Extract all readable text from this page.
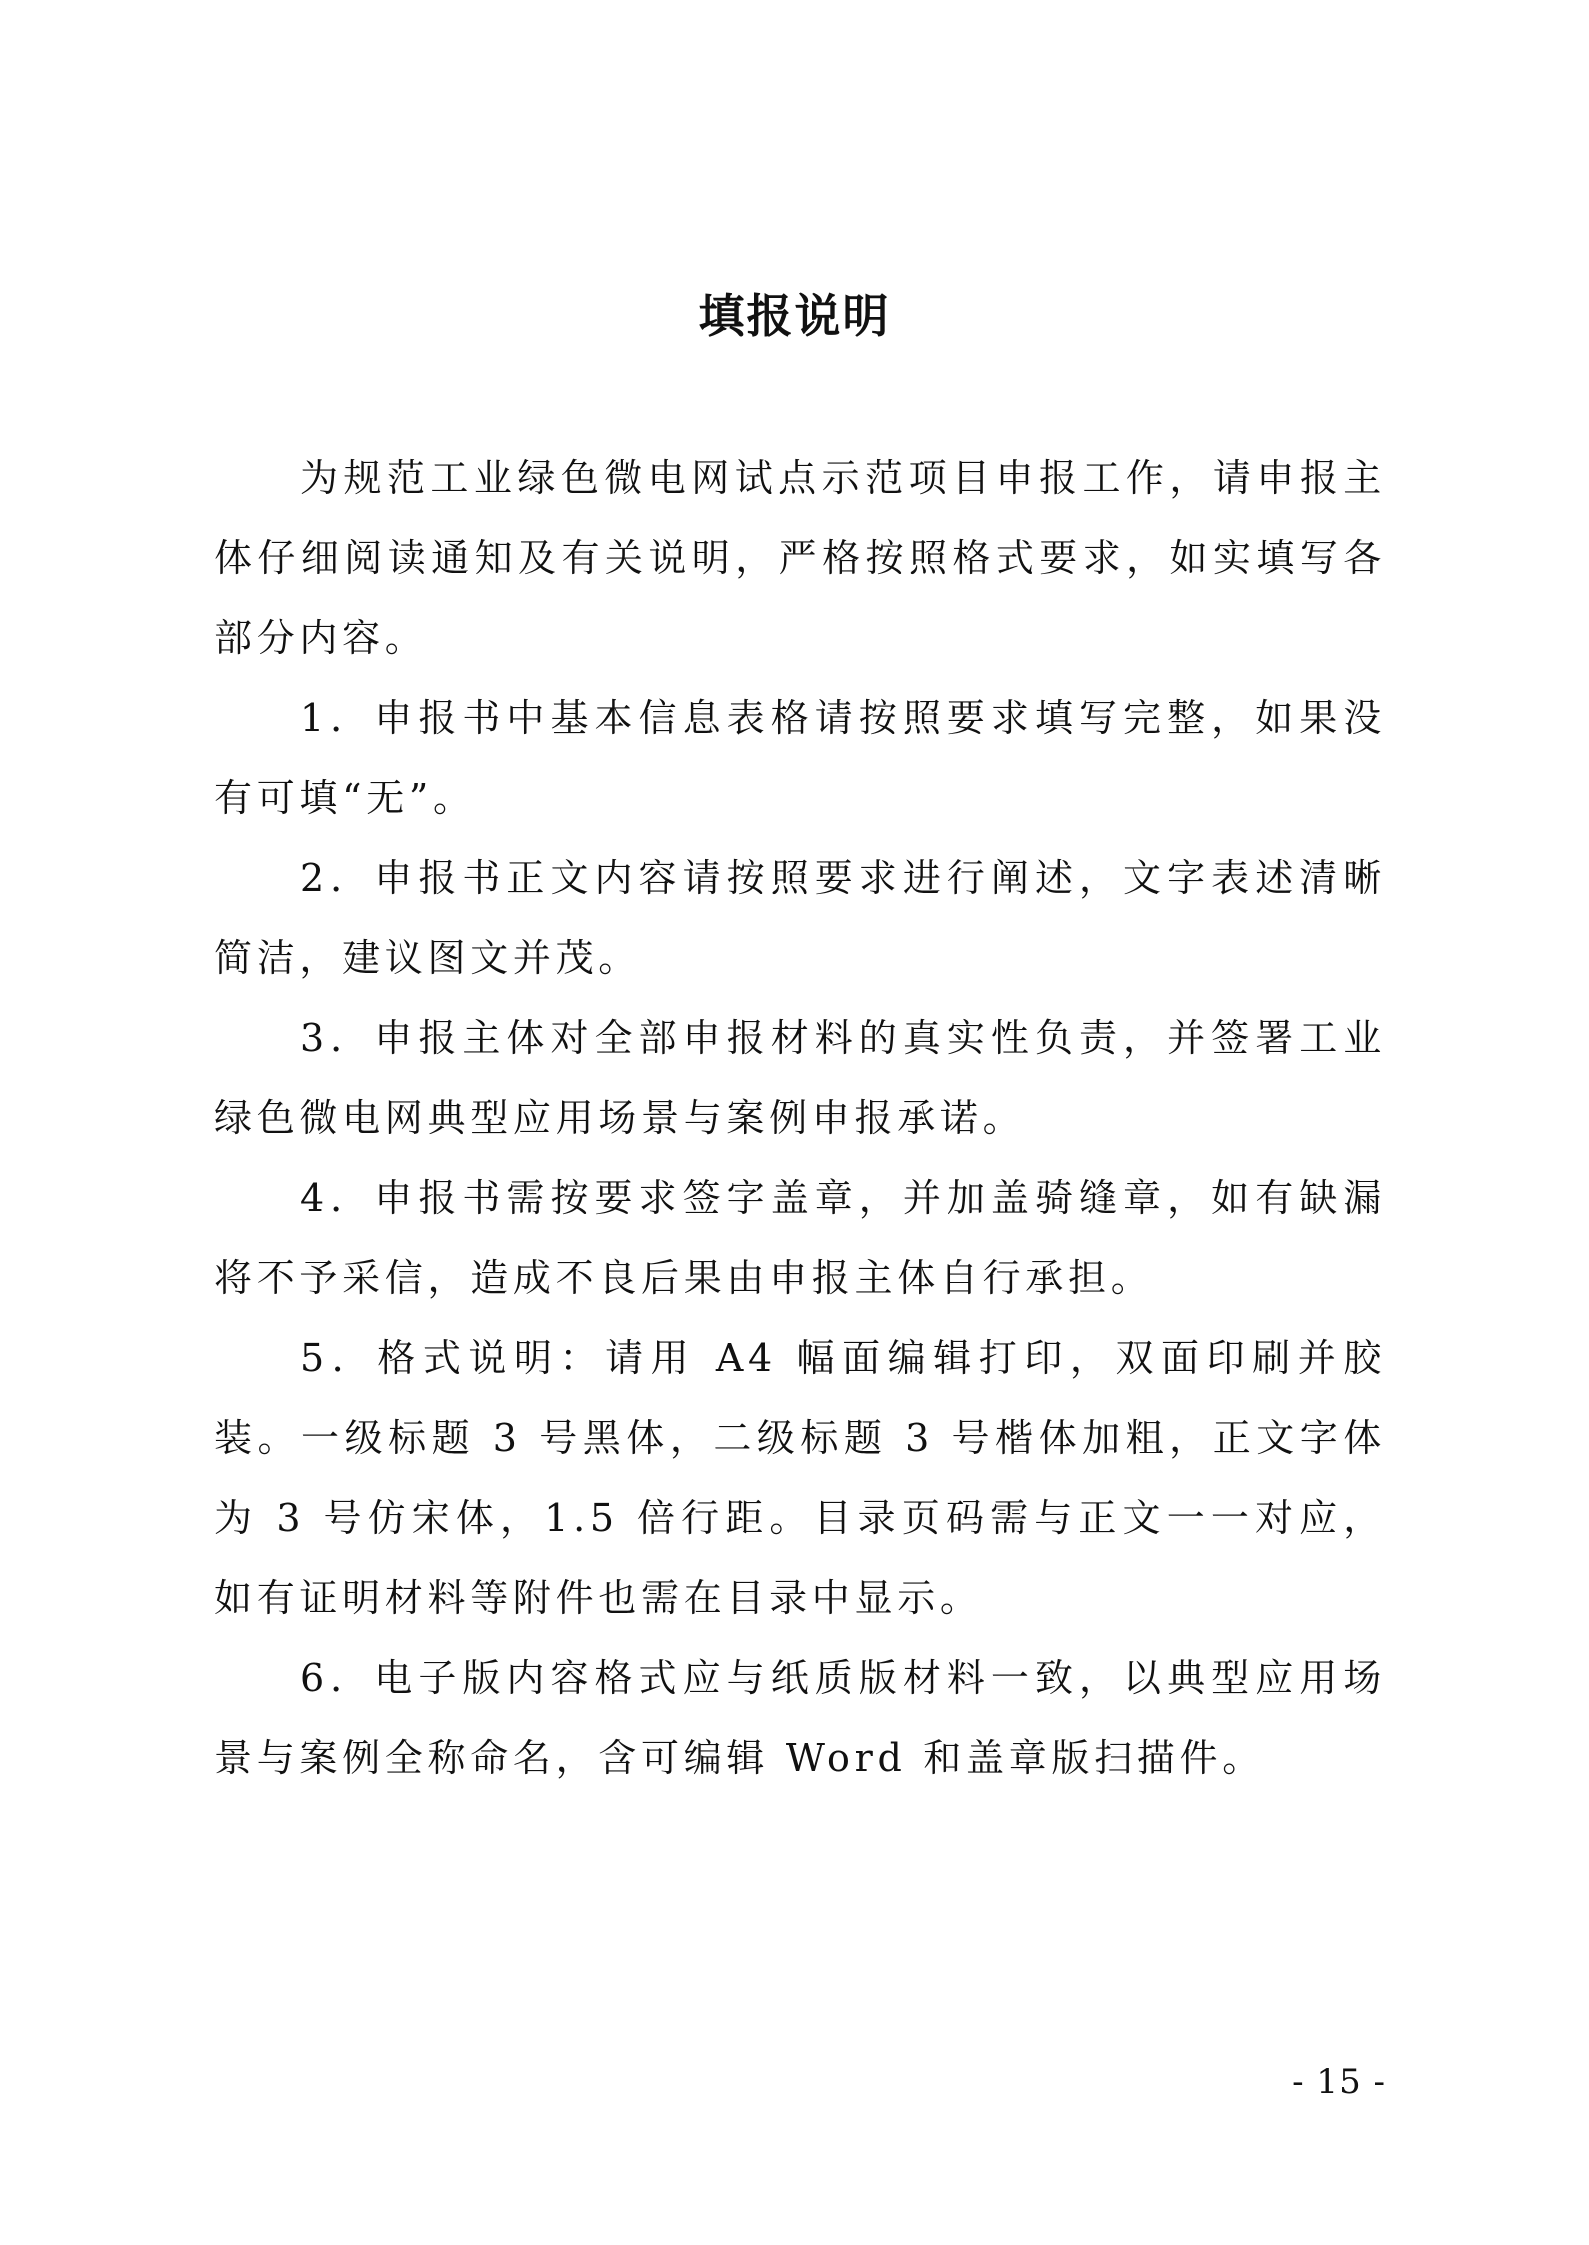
填报说明

为规范工业绿色微电网试点示范项目申报工作，请申报主体仔细阅读通知及有关说明，严格按照格式要求，如实填写各部分内容。

1．申报书中基本信息表格请按照要求填写完整，如果没有可填“无”。

2．申报书正文内容请按照要求进行阐述，文字表述清晰简洁，建议图文并茂。

3．申报主体对全部申报材料的真实性负责，并签署工业绿色微电网典型应用场景与案例申报承诺。

4．申报书需按要求签字盖章，并加盖骑缝章，如有缺漏将不予采信，造成不良后果由申报主体自行承担。

5．格式说明：请用 A4 幅面编辑打印，双面印刷并胶装。一级标题 3 号黑体，二级标题 3 号楷体加粗，正文字体为 3 号仿宋体，1.5 倍行距。目录页码需与正文一一对应，如有证明材料等附件也需在目录中显示。

6．电子版内容格式应与纸质版材料一致，以典型应用场景与案例全称命名，含可编辑 Word 和盖章版扫描件。

- 15 -
